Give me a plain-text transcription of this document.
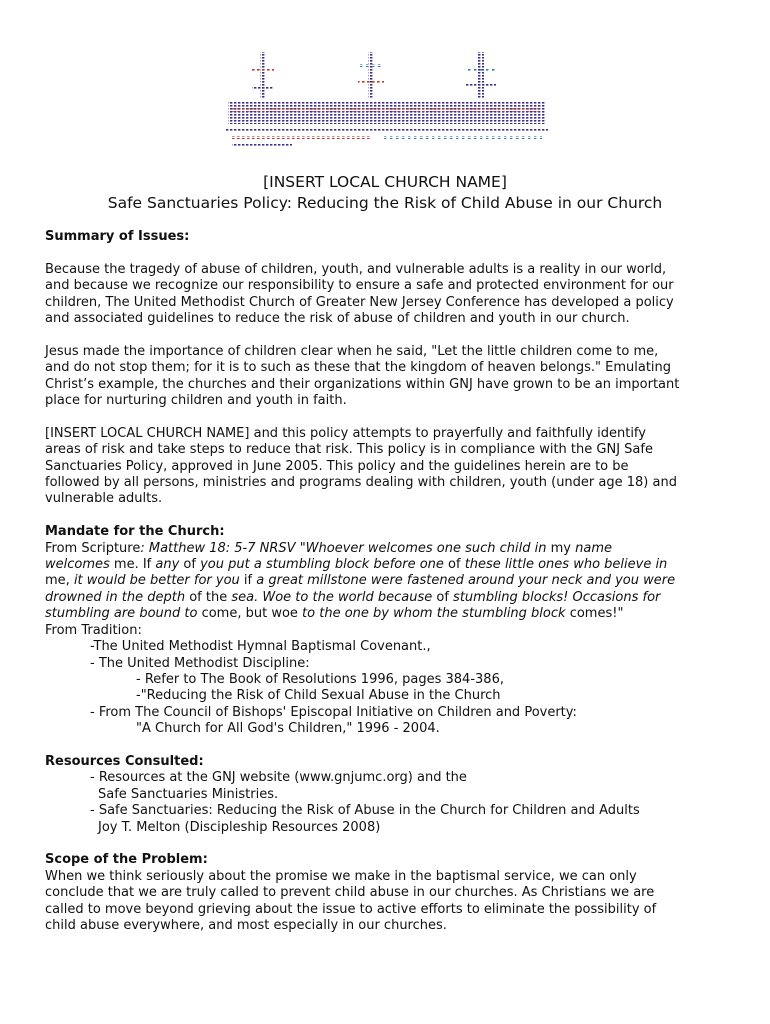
[INSERT LOCAL CHURCH NAME]
Safe Sanctuaries Policy: Reducing the Risk of Child Abuse in our Church

Summary of Issues:

Because the tragedy of abuse of children, youth, and vulnerable adults is a reality in our world,

and because we recognize our responsibility to ensure a safe and protected environment for our

children, The United Methodist Church of Greater New Jersey Conference has developed a policy

and associated guidelines to reduce the risk of abuse of children and youth in our church.

Jesus made the importance of children clear when he said, "Let the little children come to me,

and do not stop them; for it is to such as these that the kingdom of heaven belongs." Emulating

Christ’s example, the churches and their organizations within GNJ have grown to be an important

place for nurturing children and youth in faith.

[INSERT LOCAL CHURCH NAME] and this policy attempts to prayerfully and faithfully identify

areas of risk and take steps to reduce that risk. This policy is in compliance with the GNJ Safe

Sanctuaries Policy, approved in June 2005. This policy and the guidelines herein are to be

followed by all persons, ministries and programs dealing with children, youth (under age 18) and

vulnerable adults.

Mandate for the Church:

From Scripture: Matthew 18: 5-7 NRSV "Whoever welcomes one such child in my name

welcomes me. If any of you put a stumbling block before one of these little ones who believe in

me, it would be better for you if a great millstone were fastened around your neck and you were

drowned in the depth of the sea. Woe to the world because of stumbling blocks! Occasions for

stumbling are bound to come, but woe to the one by whom the stumbling block comes!"

From Tradition:

-The United Methodist Hymnal Baptismal Covenant.,

- The United Methodist Discipline:

- Refer to The Book of Resolutions 1996, pages 384-386,

-"Reducing the Risk of Child Sexual Abuse in the Church

- From The Council of Bishops' Episcopal Initiative on Children and Poverty:

"A Church for All God's Children," 1996 - 2004.

Resources Consulted:

- Resources at the GNJ website (www.gnjumc.org) and the

Safe Sanctuaries Ministries.

- Safe Sanctuaries: Reducing the Risk of Abuse in the Church for Children and Adults

Joy T. Melton (Discipleship Resources 2008)

Scope of the Problem:

When we think seriously about the promise we make in the baptismal service, we can only

conclude that we are truly called to prevent child abuse in our churches. As Christians we are

called to move beyond grieving about the issue to active efforts to eliminate the possibility of

child abuse everywhere, and most especially in our churches.
